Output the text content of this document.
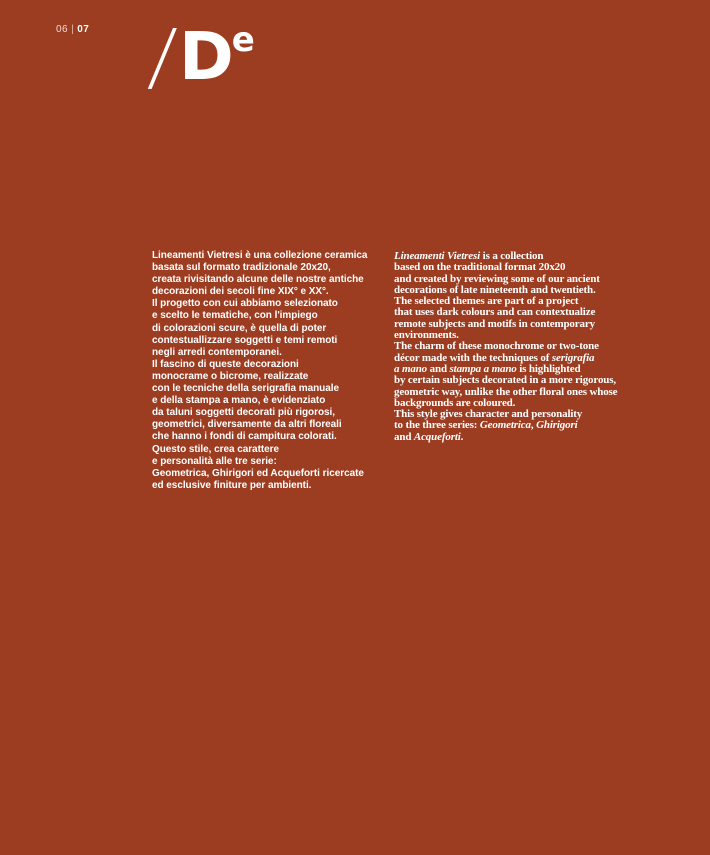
06 | 07 / D
e
Lineamenti Vietresi è una collezione ceramica
basata sul formato tradizionale 20x20,
creata rivisitando alcune delle nostre antiche
decorazioni dei secoli fine XIX° e XX°.
Il progetto con cui abbiamo selezionato
e scelto le tematiche, con l'impiego
di colorazioni scure, è quella di poter
contestuallizzare soggetti e temi remoti
negli arredi contemporanei.
Il fascino di queste decorazioni
monocrame o bicrome, realizzate
con le tecniche della serigrafia manuale
e della stampa a mano, è evidenziato
da taluni soggetti decorati più rigorosi,
geometrici, diversamente da altri floreali
che hanno i fondi di campitura colorati.
Questo stile, crea carattere
e personalità alle tre serie:
Geometrica, Ghirigori ed Acqueforti ricercate
ed esclusive finiture per ambienti.
Lineamenti Vietresi is a collection
based on the traditional format 20x20
and created by reviewing some of our ancient
decorations of late nineteenth and twentieth.
The selected themes are part of a project
that uses dark colours and can contextualize
remote subjects and motifs in contemporary
environments.
The charm of these monochrome or two-tone
décor made with the techniques of serigrafia
a mano and stampa a mano is highlighted
by certain subjects decorated in a more rigorous,
geometric way, unlike the other floral ones whose
backgrounds are coloured.
This style gives character and personality
to the three series: Geometrica, Ghirigori
and Acqueforti.
